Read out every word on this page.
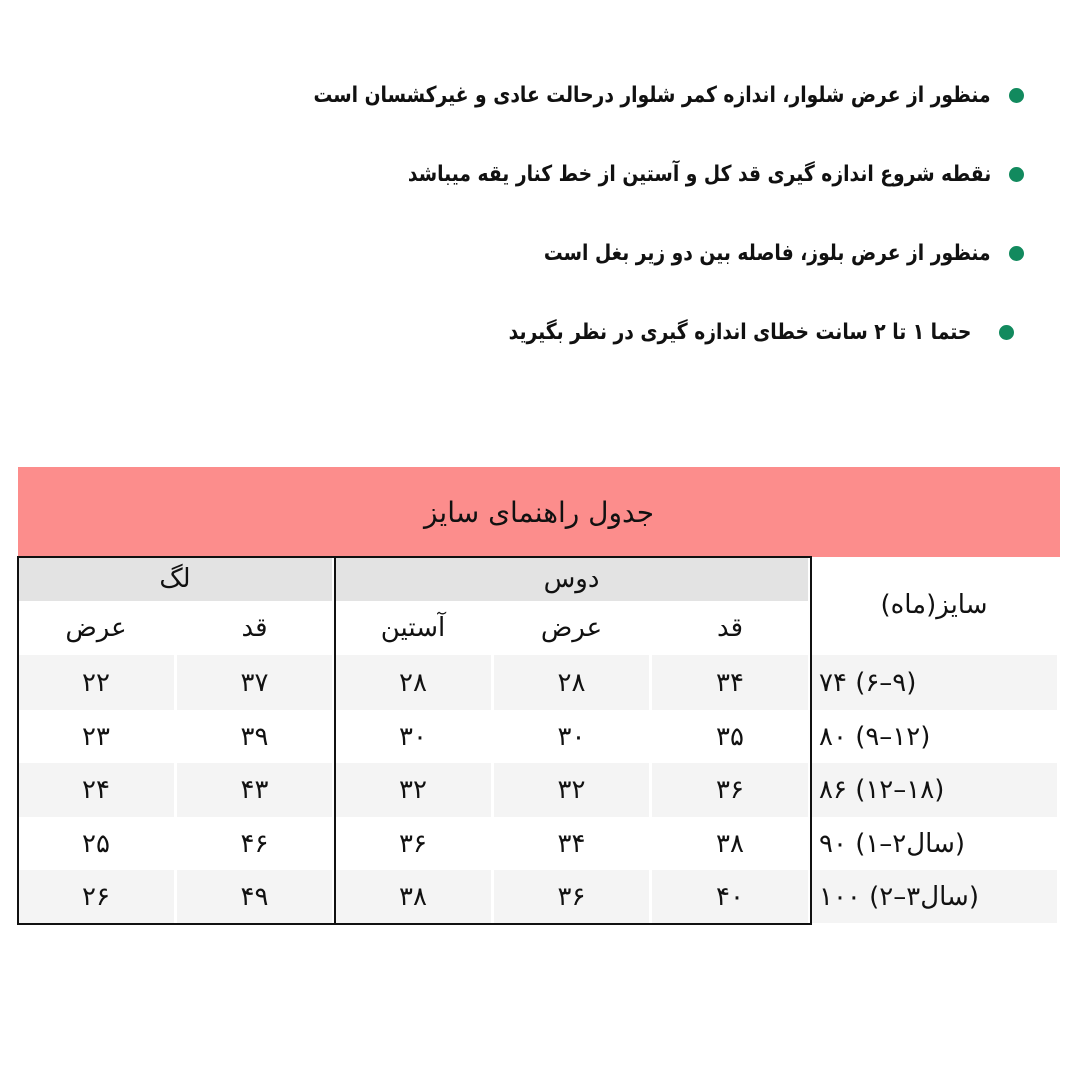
منظور از عرض شلوار، اندازه کمر شلوار درحالت عادی و غیرکشسان است
نقطه شروع اندازه گیری قد کل و آستین از خط کنار یقه میباشد
منظور از عرض بلوز، فاصله بین دو زیر بغل است
حتما ۱ تا ۲ سانت خطای اندازه گیری در نظر بگیرید
جدول راهنمای سایز
لگ	دوس
سایز(ماه)
عرض	قد	آستین	عرض	قد
۲۲	۳۷	۲۸	۲۸	۳۴	۷۴ (۶–۹)
۲۳	۳۹	۳۰	۳۰	۳۵	۸۰ (۹–۱۲)
۲۴	۴۳	۳۲	۳۲	۳۶	۸۶ (۱۲–۱۸)
۲۵	۴۶	۳۶	۳۴	۳۸	۹۰ (۱–۲سال)
۲۶	۴۹	۳۸	۳۶	۴۰	۱۰۰ (۲–۳سال)
